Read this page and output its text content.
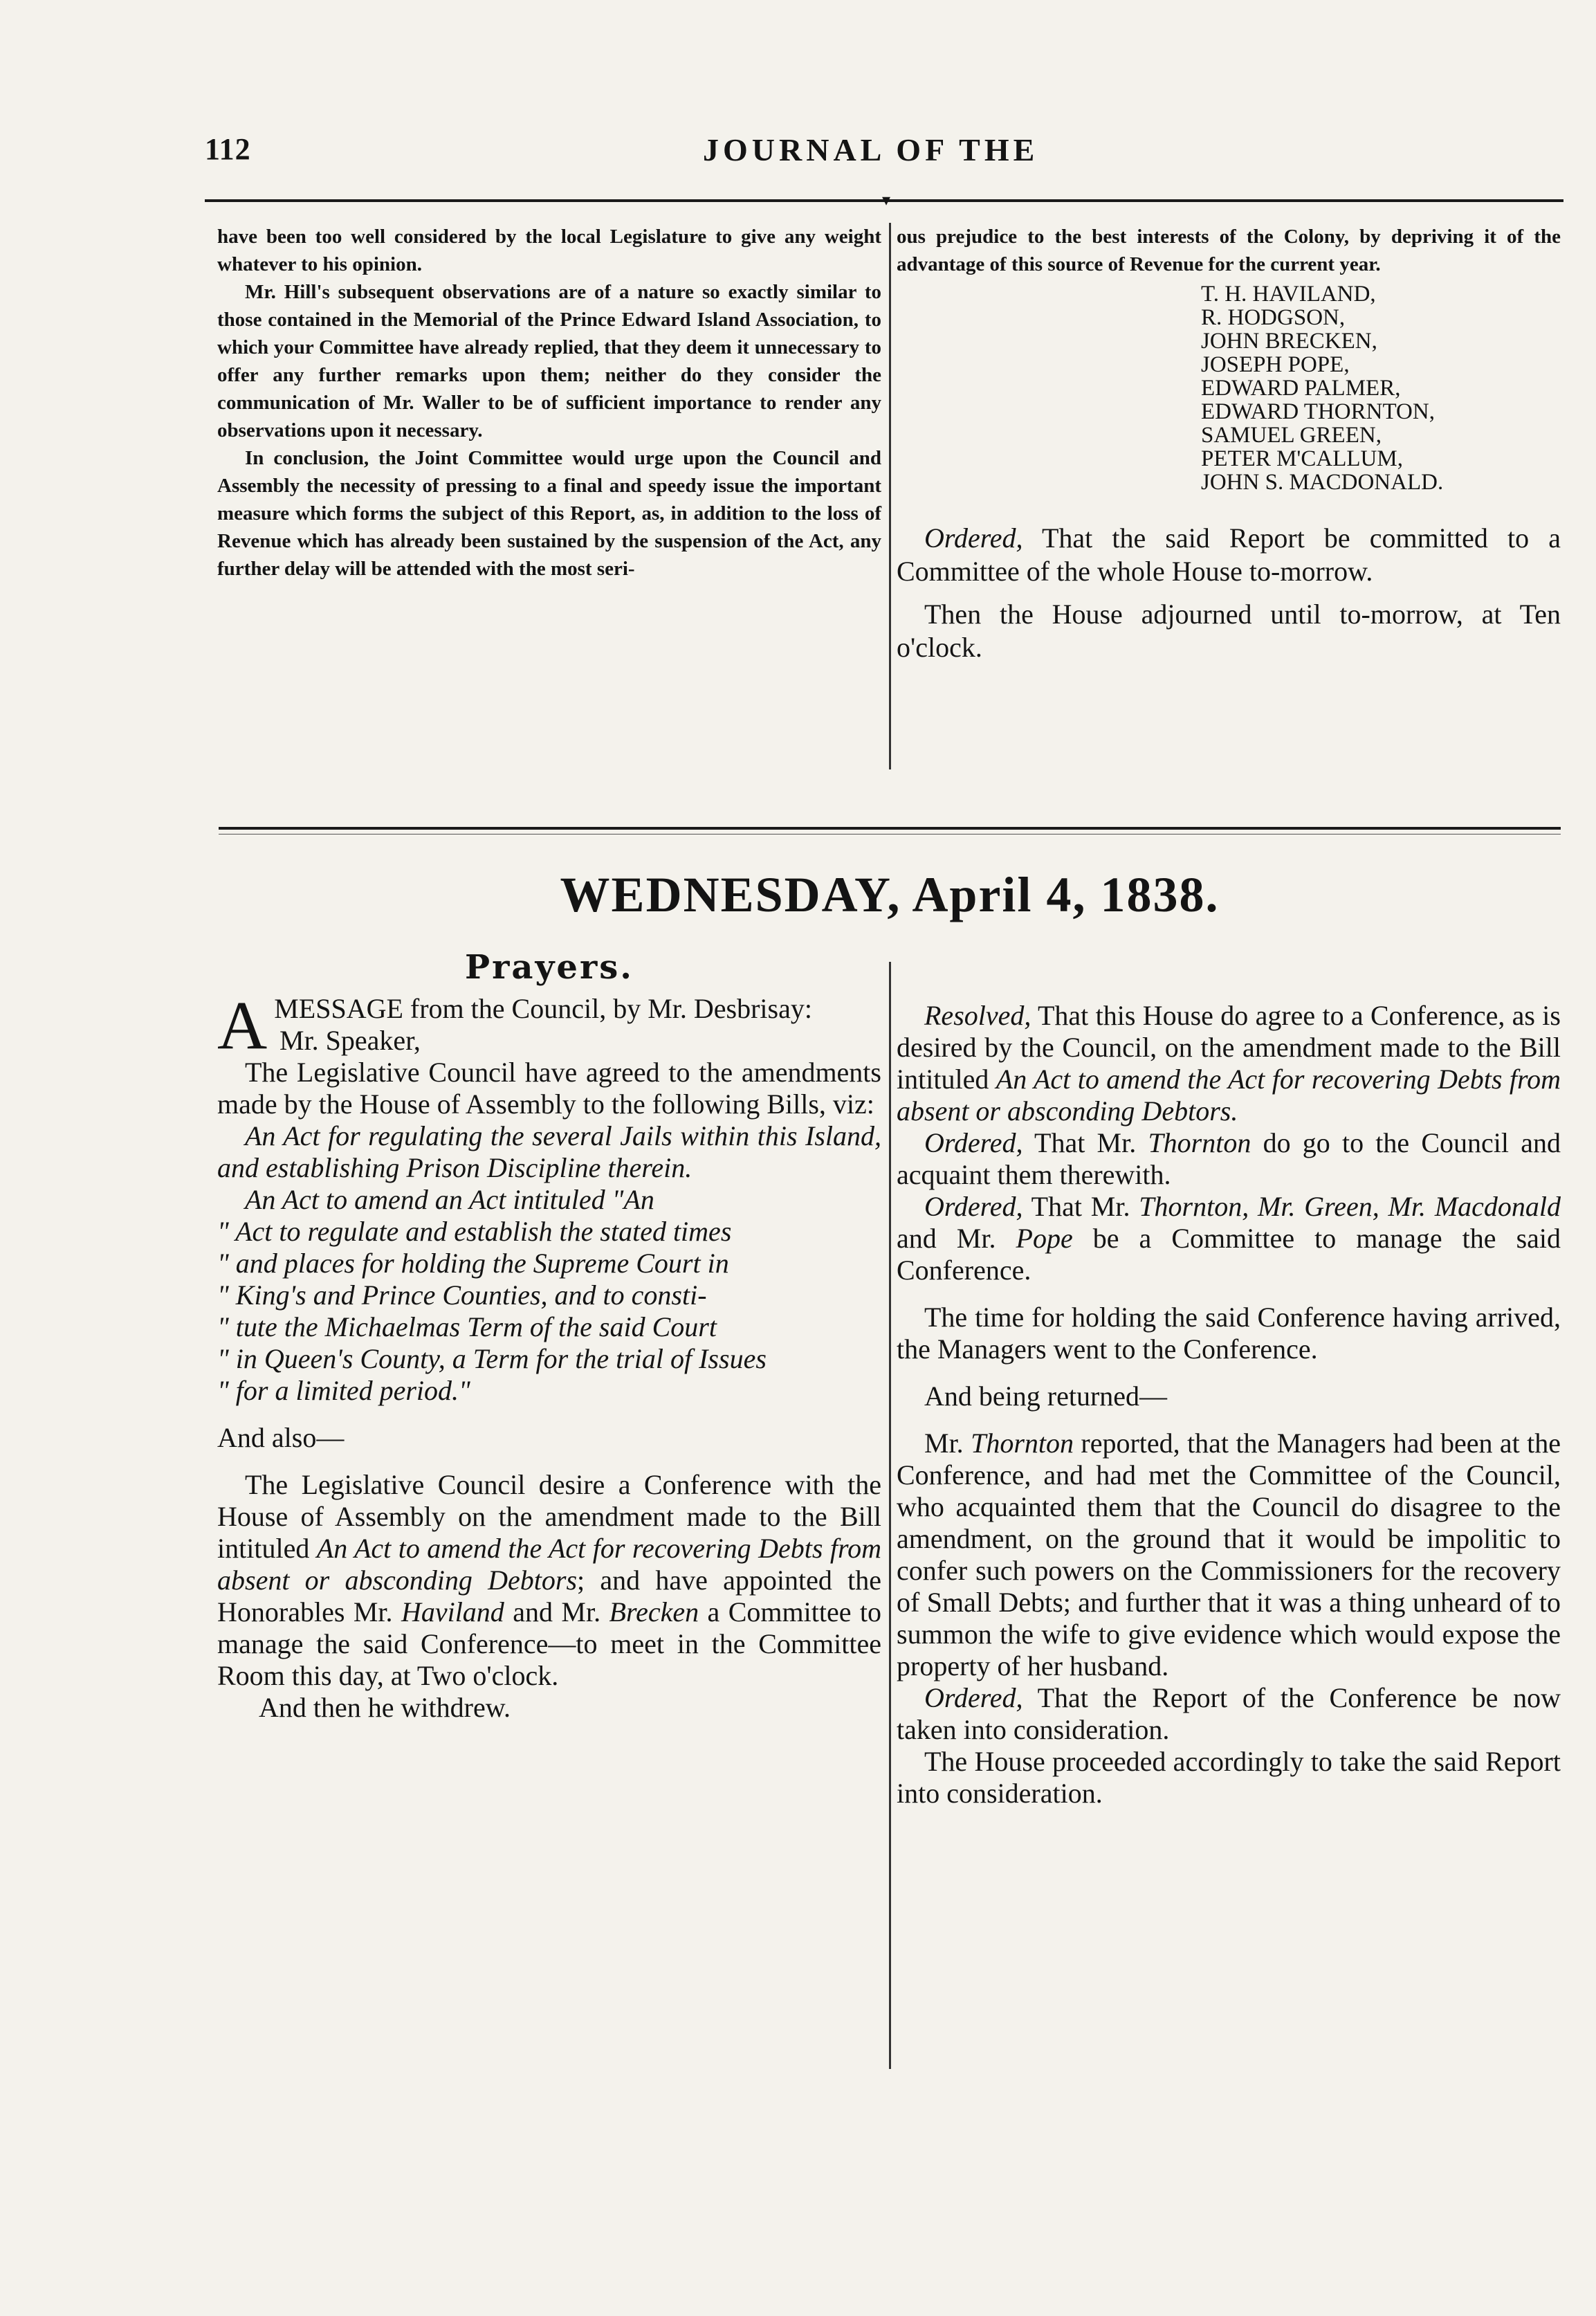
112	JOURNAL OF THE
▾

have been too well considered by the local Legislature to give any weight whatever to his opinion.

Mr. Hill's subsequent observations are of a nature so exactly similar to those contained in the Memorial of the Prince Edward Island Association, to which your Committee have already replied, that they deem it unnecessary to offer any further remarks upon them; neither do they consider the communication of Mr. Waller to be of sufficient importance to render any observations upon it necessary.

In conclusion, the Joint Committee would urge upon the Council and Assembly the necessity of pressing to a final and speedy issue the important measure which forms the subject of this Report, as, in addition to the loss of Revenue which has already been sustained by the suspension of the Act, any further delay will be attended with the most seri-

ous prejudice to the best interests of the Colony, by depriving it of the advantage of this source of Revenue for the current year.

T. H. HAVILAND,
R. HODGSON,
JOHN BRECKEN,
JOSEPH POPE,
EDWARD PALMER,
EDWARD THORNTON,
SAMUEL GREEN,
PETER M'CALLUM,
JOHN S. MACDONALD.

Ordered, That the said Report be committed to a Committee of the whole House to-morrow.

Then the House adjourned until to-morrow, at Ten o'clock.

WEDNESDAY, April 4, 1838.
Prayers.

AMESSAGE from the Council, by Mr. Desbrisay:

Mr. Speaker,

The Legislative Council have agreed to the amendments made by the House of Assembly to the following Bills, viz:

An Act for regulating the several Jails within this Island, and establishing Prison Discipline therein.

An Act to amend an Act intituled "An

" Act to regulate and establish the stated times

" and places for holding the Supreme Court in

" King's and Prince Counties, and to consti-

" tute the Michaelmas Term of the said Court

" in Queen's County, a Term for the trial of Issues

" for a limited period."

And also—

The Legislative Council desire a Conference with the House of Assembly on the amendment made to the Bill intituled An Act to amend the Act for recovering Debts from absent or absconding Debtors; and have appointed the Honorables Mr. Haviland and Mr. Brecken a Committee to manage the said Conference—to meet in the Committee Room this day, at Two o'clock.

And then he withdrew.

Resolved, That this House do agree to a Conference, as is desired by the Council, on the amendment made to the Bill intituled An Act to amend the Act for recovering Debts from absent or absconding Debtors.

Ordered, That Mr. Thornton do go to the Council and acquaint them therewith.

Ordered, That Mr. Thornton, Mr. Green, Mr. Macdonald and Mr. Pope be a Committee to manage the said Conference.

The time for holding the said Conference having arrived, the Managers went to the Conference.

And being returned—

Mr. Thornton reported, that the Managers had been at the Conference, and had met the Committee of the Council, who acquainted them that the Council do disagree to the amendment, on the ground that it would be impolitic to confer such powers on the Commissioners for the recovery of Small Debts; and further that it was a thing unheard of to summon the wife to give evidence which would expose the property of her husband.

Ordered, That the Report of the Conference be now taken into consideration.

The House proceeded accordingly to take the said Report into consideration.
